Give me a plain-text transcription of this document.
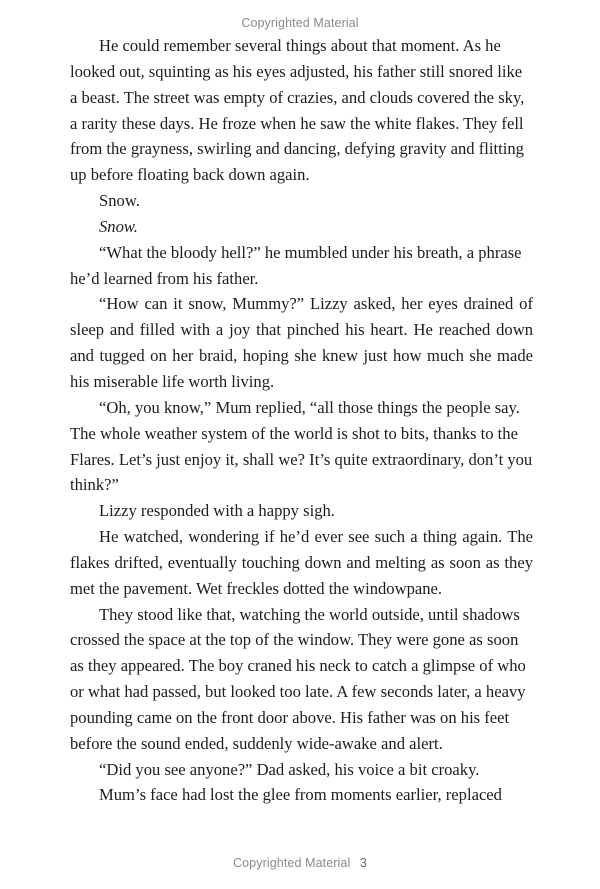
Copyrighted Material

He could remember several things about that moment. As he looked out, squinting as his eyes adjusted, his father still snored like a beast. The street was empty of crazies, and clouds covered the sky, a rarity these days. He froze when he saw the white flakes. They fell from the grayness, swirling and dancing, defying gravity and flitting up before floating back down again.

Snow.

Snow.

“What the bloody hell?” he mumbled under his breath, a phrase he’d learned from his father.

“How can it snow, Mummy?” Lizzy asked, her eyes drained of sleep and filled with a joy that pinched his heart. He reached down and tugged on her braid, hoping she knew just how much she made his miserable life worth living.

“Oh, you know,” Mum replied, “all those things the people say. The whole weather system of the world is shot to bits, thanks to the Flares. Let’s just enjoy it, shall we? It’s quite extraordinary, don’t you think?”

Lizzy responded with a happy sigh.

He watched, wondering if he’d ever see such a thing again. The flakes drifted, eventually touching down and melting as soon as they met the pavement. Wet freckles dotted the windowpane.

They stood like that, watching the world outside, until shadows crossed the space at the top of the window. They were gone as soon as they appeared. The boy craned his neck to catch a glimpse of who or what had passed, but looked too late. A few seconds later, a heavy pounding came on the front door above. His father was on his feet before the sound ended, suddenly wide-awake and alert.

“Did you see anyone?” Dad asked, his voice a bit croaky.

Mum’s face had lost the glee from moments earlier, replaced

Copyrighted Material 3
